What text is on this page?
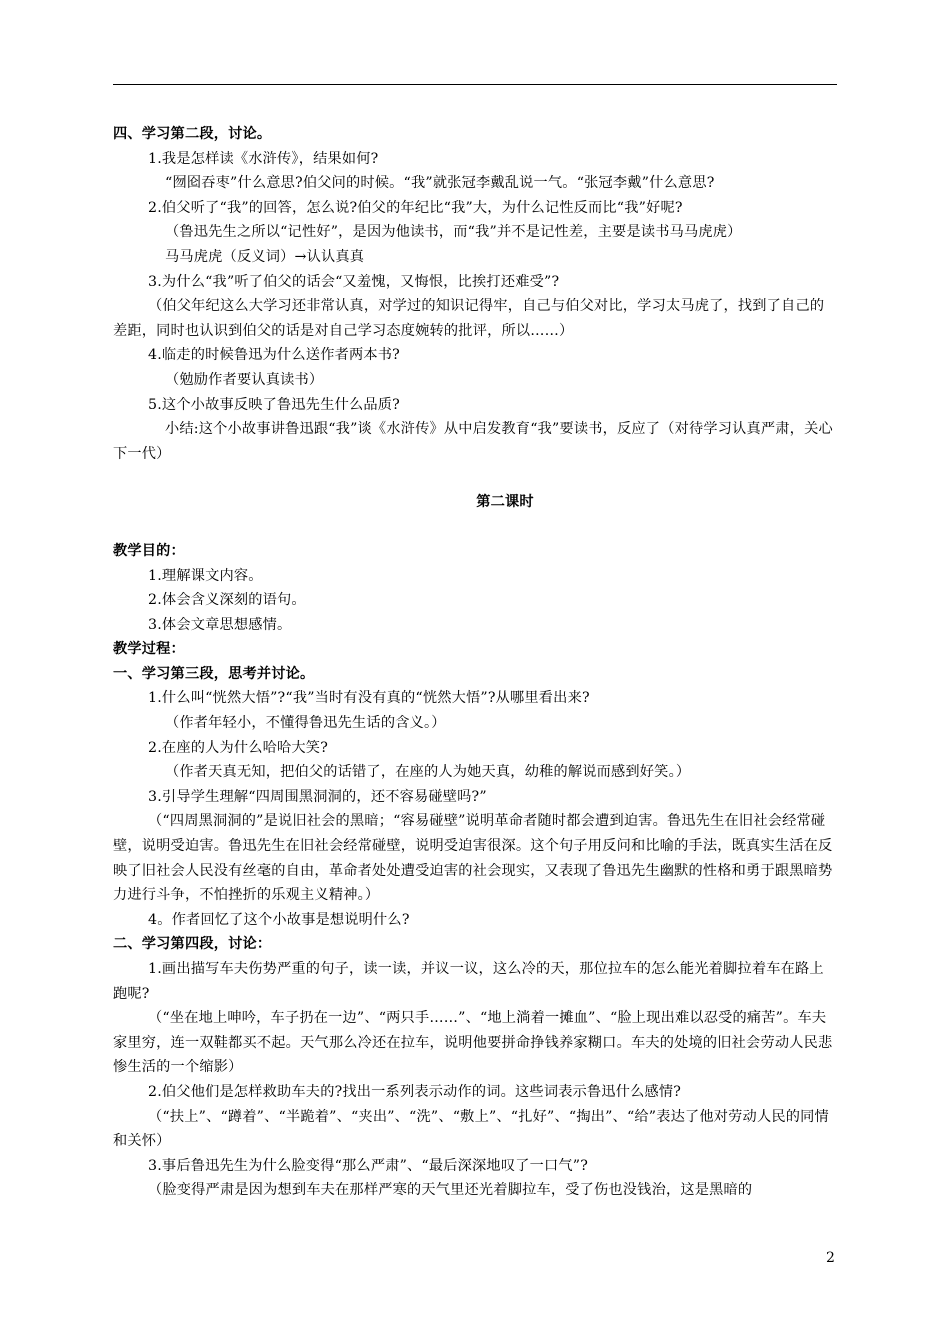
四、学习第二段，讨论。

1.我是怎样读《水浒传》，结果如何?

“囫囵吞枣”什么意思?伯父问的时候。“我”就张冠李戴乱说一气。“张冠李戴”什么意思?

2.伯父听了“我”的回答，怎么说?伯父的年纪比“我”大，为什么记性反而比“我”好呢?

（鲁迅先生之所以“记性好”，是因为他读书，而“我”并不是记性差，主要是读书马马虎虎）

马马虎虎（反义词）→认认真真

3.为什么“我”听了伯父的话会“又羞愧，又悔恨，比挨打还难受”?

（伯父年纪这么大学习还非常认真，对学过的知识记得牢，自己与伯父对比，学习太马虎了，找到了自己的差距，同时也认识到伯父的话是对自己学习态度婉转的批评，所以……）

4.临走的时候鲁迅为什么送作者两本书?

（勉励作者要认真读书）

5.这个小故事反映了鲁迅先生什么品质?

小结:这个小故事讲鲁迅跟“我”谈《水浒传》从中启发教育“我”要读书，反应了（对待学习认真严肃，关心下一代）

第二课时

教学目的：

1.理解课文内容。

2.体会含义深刻的语句。

3.体会文章思想感情。

教学过程：

一、学习第三段，思考并讨论。

1.什么叫“恍然大悟”?“我”当时有没有真的“恍然大悟”?从哪里看出来?

（作者年轻小，不懂得鲁迅先生话的含义。）

2.在座的人为什么哈哈大笑?

（作者天真无知，把伯父的话错了，在座的人为她天真，幼稚的解说而感到好笑。）

3.引导学生理解“四周围黑洞洞的，还不容易碰壁吗?”

（“四周黑洞洞的”是说旧社会的黑暗；“容易碰壁”说明革命者随时都会遭到迫害。鲁迅先生在旧社会经常碰壁，说明受迫害。鲁迅先生在旧社会经常碰壁，说明受迫害很深。这个句子用反问和比喻的手法，既真实生活在反映了旧社会人民没有丝毫的自由，革命者处处遭受迫害的社会现实，又表现了鲁迅先生幽默的性格和勇于跟黑暗势力进行斗争，不怕挫折的乐观主义精神。）

4。作者回忆了这个小故事是想说明什么?

二、学习第四段，讨论：

1.画出描写车夫伤势严重的句子，读一读，并议一议，这么冷的天，那位拉车的怎么能光着脚拉着车在路上跑呢?

（“坐在地上呻吟，车子扔在一边”、“两只手……”、“地上淌着一摊血”、“脸上现出难以忍受的痛苦”。车夫家里穷，连一双鞋都买不起。天气那么冷还在拉车，说明他要拼命挣钱养家糊口。车夫的处境的旧社会劳动人民悲惨生活的一个缩影）

2.伯父他们是怎样救助车夫的?找出一系列表示动作的词。这些词表示鲁迅什么感情?

（“扶上”、“蹲着”、“半跪着”、“夹出”、“洗”、“敷上”、“扎好”、“掏出”、“给”表达了他对劳动人民的同情和关怀）

3.事后鲁迅先生为什么脸变得“那么严肃”、“最后深深地叹了一口气”?

（脸变得严肃是因为想到车夫在那样严寒的天气里还光着脚拉车，受了伤也没钱治，这是黑暗的

2
